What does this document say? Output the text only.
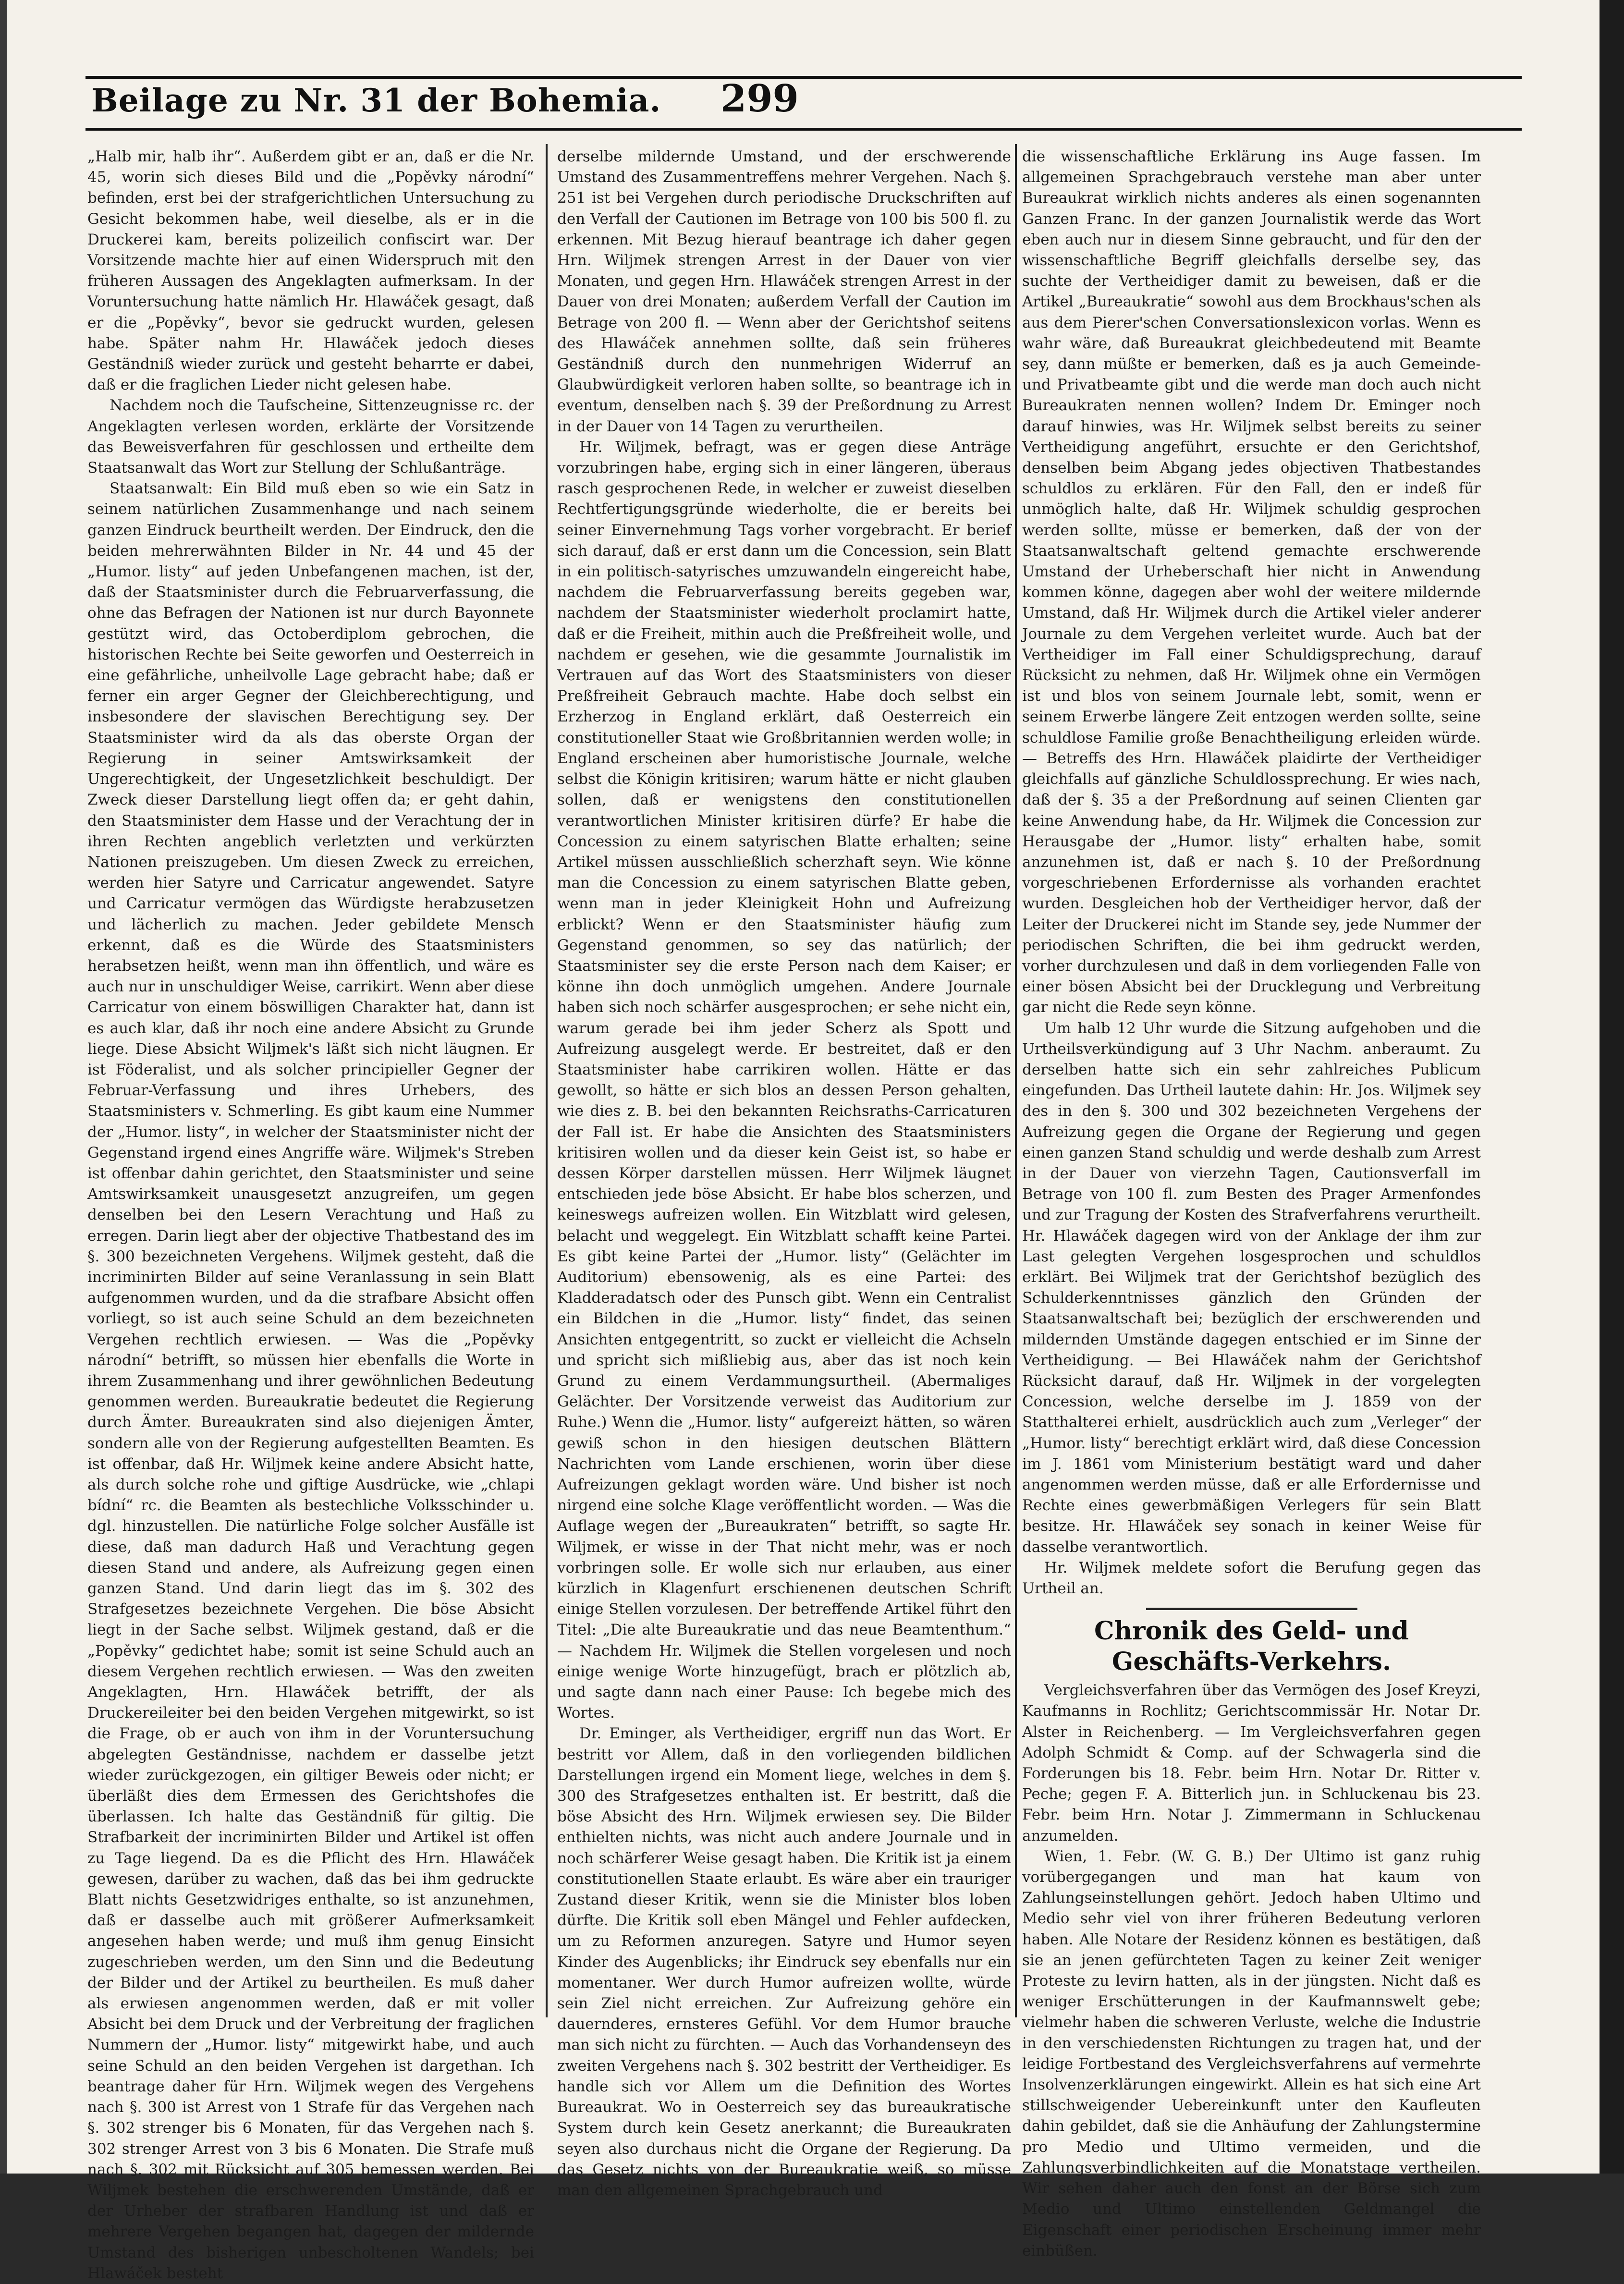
Beilage zu Nr. 31 der Bohemia. 299

„Halb mir, halb ihr“. Außerdem gibt er an, daß er die Nr. 45, worin sich dieses Bild und die „Popěvky národní“ befinden, erst bei der strafgerichtlichen Untersuchung zu Gesicht bekommen habe, weil dieselbe, als er in die Druckerei kam, bereits polizeilich confiscirt war. Der Vorsitzende machte hier auf einen Widerspruch mit den früheren Aussagen des Angeklagten aufmerksam. In der Voruntersuchung hatte nämlich Hr. Hlawáček gesagt, daß er die „Popěvky“, bevor sie gedruckt wurden, gelesen habe. Später nahm Hr. Hlawáček jedoch dieses Geständniß wieder zurück und gesteht beharrte er dabei, daß er die fraglichen Lieder nicht gelesen habe.

Nachdem noch die Taufscheine, Sittenzeugnisse rc. der Angeklagten verlesen worden, erklärte der Vorsitzende das Beweisverfahren für geschlossen und ertheilte dem Staatsanwalt das Wort zur Stellung der Schlußanträge.

Staatsanwalt: Ein Bild muß eben so wie ein Satz in seinem natürlichen Zusammenhange und nach seinem ganzen Eindruck beurtheilt werden. Der Eindruck, den die beiden mehrerwähnten Bilder in Nr. 44 und 45 der „Humor. listy“ auf jeden Unbefangenen machen, ist der, daß der Staatsminister durch die Februarverfassung, die ohne das Befragen der Nationen ist nur durch Bayonnete gestützt wird, das Octoberdiplom gebrochen, die historischen Rechte bei Seite geworfen und Oesterreich in eine gefährliche, unheilvolle Lage gebracht habe; daß er ferner ein arger Gegner der Gleichberechtigung, und insbesondere der slavischen Berechtigung sey. Der Staatsminister wird da als das oberste Organ der Regierung in seiner Amtswirksamkeit der Ungerechtigkeit, der Ungesetzlichkeit beschuldigt. Der Zweck dieser Darstellung liegt offen da; er geht dahin, den Staatsminister dem Hasse und der Verachtung der in ihren Rechten angeblich verletzten und verkürzten Nationen preiszugeben. Um diesen Zweck zu erreichen, werden hier Satyre und Carricatur angewendet. Satyre und Carricatur vermögen das Würdigste herabzusetzen und lächerlich zu machen. Jeder gebildete Mensch erkennt, daß es die Würde des Staatsministers herabsetzen heißt, wenn man ihn öffentlich, und wäre es auch nur in unschuldiger Weise, carrikirt. Wenn aber diese Carricatur von einem böswilligen Charakter hat, dann ist es auch klar, daß ihr noch eine andere Absicht zu Grunde liege. Diese Absicht Wiljmek's läßt sich nicht läugnen. Er ist Föderalist, und als solcher principieller Gegner der Februar-Verfassung und ihres Urhebers, des Staatsministers v. Schmerling. Es gibt kaum eine Nummer der „Humor. listy“, in welcher der Staatsminister nicht der Gegenstand irgend eines Angriffe wäre. Wiljmek's Streben ist offenbar dahin gerichtet, den Staatsminister und seine Amtswirksamkeit unausgesetzt anzugreifen, um gegen denselben bei den Lesern Verachtung und Haß zu erregen. Darin liegt aber der objective Thatbestand des im §. 300 bezeichneten Vergehens. Wiljmek gesteht, daß die incriminirten Bilder auf seine Veranlassung in sein Blatt aufgenommen wurden, und da die strafbare Absicht offen vorliegt, so ist auch seine Schuld an dem bezeichneten Vergehen rechtlich erwiesen. — Was die „Popěvky národní“ betrifft, so müssen hier ebenfalls die Worte in ihrem Zusammenhang und ihrer gewöhnlichen Bedeutung genommen werden. Bureaukratie bedeutet die Regierung durch Ämter. Bureaukraten sind also diejenigen Ämter, sondern alle von der Regierung aufgestellten Beamten. Es ist offenbar, daß Hr. Wiljmek keine andere Absicht hatte, als durch solche rohe und giftige Ausdrücke, wie „chlapi bídní“ rc. die Beamten als bestechliche Volksschinder u. dgl. hinzustellen. Die natürliche Folge solcher Ausfälle ist diese, daß man dadurch Haß und Verachtung gegen diesen Stand und andere, als Aufreizung gegen einen ganzen Stand. Und darin liegt das im §. 302 des Strafgesetzes bezeichnete Vergehen. Die böse Absicht liegt in der Sache selbst. Wiljmek gestand, daß er die „Popěvky“ gedichtet habe; somit ist seine Schuld auch an diesem Vergehen rechtlich erwiesen. — Was den zweiten Angeklagten, Hrn. Hlawáček betrifft, der als Druckereileiter bei den beiden Vergehen mitgewirkt, so ist die Frage, ob er auch von ihm in der Voruntersuchung abgelegten Geständnisse, nachdem er dasselbe jetzt wieder zurückgezogen, ein giltiger Beweis oder nicht; er überläßt dies dem Ermessen des Gerichtshofes die überlassen. Ich halte das Geständniß für giltig. Die Strafbarkeit der incriminirten Bilder und Artikel ist offen zu Tage liegend. Da es die Pflicht des Hrn. Hlawáček gewesen, darüber zu wachen, daß das bei ihm gedruckte Blatt nichts Gesetzwidriges enthalte, so ist anzunehmen, daß er dasselbe auch mit größerer Aufmerksamkeit angesehen haben werde; und muß ihm genug Einsicht zugeschrieben werden, um den Sinn und die Bedeutung der Bilder und der Artikel zu beurtheilen. Es muß daher als erwiesen angenommen werden, daß er mit voller Absicht bei dem Druck und der Verbreitung der fraglichen Nummern der „Humor. listy“ mitgewirkt habe, und auch seine Schuld an den beiden Vergehen ist dargethan. Ich beantrage daher für Hrn. Wiljmek wegen des Vergehens nach §. 300 ist Arrest von 1 Strafe für das Vergehen nach §. 302 strenger bis 6 Monaten, für das Vergehen nach §. 302 strenger Arrest von 3 bis 6 Monaten. Die Strafe muß nach §. 302 mit Rücksicht auf 305 bemessen werden. Bei Wiljmek bestehen die erschwerenden Umstände, daß er der Urheber der strafbaren Handlung ist und daß er mehrere Vergehen begangen hat, dagegen der mildernde Umstand des bisherigen unbescholtenen Wandels; bei Hlawáček besteht

derselbe mildernde Umstand, und der erschwerende Umstand des Zusammentreffens mehrer Vergehen. Nach §. 251 ist bei Vergehen durch periodische Druckschriften auf den Verfall der Cautionen im Betrage von 100 bis 500 fl. zu erkennen. Mit Bezug hierauf beantrage ich daher gegen Hrn. Wiljmek strengen Arrest in der Dauer von vier Monaten, und gegen Hrn. Hlawáček strengen Arrest in der Dauer von drei Monaten; außerdem Verfall der Caution im Betrage von 200 fl. — Wenn aber der Gerichtshof seitens des Hlawáček annehmen sollte, daß sein früheres Geständniß durch den nunmehrigen Widerruf an Glaubwürdigkeit verloren haben sollte, so beantrage ich in eventum, denselben nach §. 39 der Preßordnung zu Arrest in der Dauer von 14 Tagen zu verurtheilen.

Hr. Wiljmek, befragt, was er gegen diese Anträge vorzubringen habe, erging sich in einer längeren, überaus rasch gesprochenen Rede, in welcher er zuweist dieselben Rechtfertigungsgründe wiederholte, die er bereits bei seiner Einvernehmung Tags vorher vorgebracht. Er berief sich darauf, daß er erst dann um die Concession, sein Blatt in ein politisch-satyrisches umzuwandeln eingereicht habe, nachdem die Februarverfassung bereits gegeben war, nachdem der Staatsminister wiederholt proclamirt hatte, daß er die Freiheit, mithin auch die Preßfreiheit wolle, und nachdem er gesehen, wie die gesammte Journalistik im Vertrauen auf das Wort des Staatsministers von dieser Preßfreiheit Gebrauch machte. Habe doch selbst ein Erzherzog in England erklärt, daß Oesterreich ein constitutioneller Staat wie Großbritannien werden wolle; in England erscheinen aber humoristische Journale, welche selbst die Königin kritisiren; warum hätte er nicht glauben sollen, daß er wenigstens den constitutionellen verantwortlichen Minister kritisiren dürfe? Er habe die Concession zu einem satyrischen Blatte erhalten; seine Artikel müssen ausschließlich scherzhaft seyn. Wie könne man die Concession zu einem satyrischen Blatte geben, wenn man in jeder Kleinigkeit Hohn und Aufreizung erblickt? Wenn er den Staatsminister häufig zum Gegenstand genommen, so sey das natürlich; der Staatsminister sey die erste Person nach dem Kaiser; er könne ihn doch unmöglich umgehen. Andere Journale haben sich noch schärfer ausgesprochen; er sehe nicht ein, warum gerade bei ihm jeder Scherz als Spott und Aufreizung ausgelegt werde. Er bestreitet, daß er den Staatsminister habe carrikiren wollen. Hätte er das gewollt, so hätte er sich blos an dessen Person gehalten, wie dies z. B. bei den bekannten Reichsraths-Carricaturen der Fall ist. Er habe die Ansichten des Staatsministers kritisiren wollen und da dieser kein Geist ist, so habe er dessen Körper darstellen müssen. Herr Wiljmek läugnet entschieden jede böse Absicht. Er habe blos scherzen, und keineswegs aufreizen wollen. Ein Witzblatt wird gelesen, belacht und weggelegt. Ein Witzblatt schafft keine Partei. Es gibt keine Partei der „Humor. listy“ (Gelächter im Auditorium) ebensowenig, als es eine Partei: des Kladderadatsch oder des Punsch gibt. Wenn ein Centralist ein Bildchen in die „Humor. listy“ findet, das seinen Ansichten entgegentritt, so zuckt er vielleicht die Achseln und spricht sich mißliebig aus, aber das ist noch kein Grund zu einem Verdammungsurtheil. (Abermaliges Gelächter. Der Vorsitzende verweist das Auditorium zur Ruhe.) Wenn die „Humor. listy“ aufgereizt hätten, so wären gewiß schon in den hiesigen deutschen Blättern Nachrichten vom Lande erschienen, worin über diese Aufreizungen geklagt worden wäre. Und bisher ist noch nirgend eine solche Klage veröffentlicht worden. — Was die Auflage wegen der „Bureaukraten“ betrifft, so sagte Hr. Wiljmek, er wisse in der That nicht mehr, was er noch vorbringen solle. Er wolle sich nur erlauben, aus einer kürzlich in Klagenfurt erschienenen deutschen Schrift einige Stellen vorzulesen. Der betreffende Artikel führt den Titel: „Die alte Bureaukratie und das neue Beamtenthum.“ — Nachdem Hr. Wiljmek die Stellen vorgelesen und noch einige wenige Worte hinzugefügt, brach er plötzlich ab, und sagte dann nach einer Pause: Ich begebe mich des Wortes.

Dr. Eminger, als Vertheidiger, ergriff nun das Wort. Er bestritt vor Allem, daß in den vorliegenden bildlichen Darstellungen irgend ein Moment liege, welches in dem §. 300 des Strafgesetzes enthalten ist. Er bestritt, daß die böse Absicht des Hrn. Wiljmek erwiesen sey. Die Bilder enthielten nichts, was nicht auch andere Journale und in noch schärferer Weise gesagt haben. Die Kritik ist ja einem constitutionellen Staate erlaubt. Es wäre aber ein trauriger Zustand dieser Kritik, wenn sie die Minister blos loben dürfte. Die Kritik soll eben Mängel und Fehler aufdecken, um zu Reformen anzuregen. Satyre und Humor seyen Kinder des Augenblicks; ihr Eindruck sey ebenfalls nur ein momentaner. Wer durch Humor aufreizen wollte, würde sein Ziel nicht erreichen. Zur Aufreizung gehöre ein dauernderes, ernsteres Gefühl. Vor dem Humor brauche man sich nicht zu fürchten. — Auch das Vorhandenseyn des zweiten Vergehens nach §. 302 bestritt der Vertheidiger. Es handle sich vor Allem um die Definition des Wortes Bureaukrat. Wo in Oesterreich sey das bureaukratische System durch kein Gesetz anerkannt; die Bureaukraten seyen also durchaus nicht die Organe der Regierung. Da das Gesetz nichts von der Bureaukratie weiß, so müsse man den allgemeinen Sprachgebrauch und

die wissenschaftliche Erklärung ins Auge fassen. Im allgemeinen Sprachgebrauch verstehe man aber unter Bureaukrat wirklich nichts anderes als einen sogenannten Ganzen Franc. In der ganzen Journalistik werde das Wort eben auch nur in diesem Sinne gebraucht, und für den der wissenschaftliche Begriff gleichfalls derselbe sey, das suchte der Vertheidiger damit zu beweisen, daß er die Artikel „Bureaukratie“ sowohl aus dem Brockhaus'schen als aus dem Pierer'schen Conversationslexicon vorlas. Wenn es wahr wäre, daß Bureaukrat gleichbedeutend mit Beamte sey, dann müßte er bemerken, daß es ja auch Gemeinde- und Privatbeamte gibt und die werde man doch auch nicht Bureaukraten nennen wollen? Indem Dr. Eminger noch darauf hinwies, was Hr. Wiljmek selbst bereits zu seiner Vertheidigung angeführt, ersuchte er den Gerichtshof, denselben beim Abgang jedes objectiven Thatbestandes schuldlos zu erklären. Für den Fall, den er indeß für unmöglich halte, daß Hr. Wiljmek schuldig gesprochen werden sollte, müsse er bemerken, daß der von der Staatsanwaltschaft geltend gemachte erschwerende Umstand der Urheberschaft hier nicht in Anwendung kommen könne, dagegen aber wohl der weitere mildernde Umstand, daß Hr. Wiljmek durch die Artikel vieler anderer Journale zu dem Vergehen verleitet wurde. Auch bat der Vertheidiger im Fall einer Schuldigsprechung, darauf Rücksicht zu nehmen, daß Hr. Wiljmek ohne ein Vermögen ist und blos von seinem Journale lebt, somit, wenn er seinem Erwerbe längere Zeit entzogen werden sollte, seine schuldlose Familie große Benachtheiligung erleiden würde. — Betreffs des Hrn. Hlawáček plaidirte der Vertheidiger gleichfalls auf gänzliche Schuldlossprechung. Er wies nach, daß der §. 35 a der Preßordnung auf seinen Clienten gar keine Anwendung habe, da Hr. Wiljmek die Concession zur Herausgabe der „Humor. listy“ erhalten habe, somit anzunehmen ist, daß er nach §. 10 der Preßordnung vorgeschriebenen Erfordernisse als vorhanden erachtet wurden. Desgleichen hob der Vertheidiger hervor, daß der Leiter der Druckerei nicht im Stande sey, jede Nummer der periodischen Schriften, die bei ihm gedruckt werden, vorher durchzulesen und daß in dem vorliegenden Falle von einer bösen Absicht bei der Drucklegung und Verbreitung gar nicht die Rede seyn könne.

Um halb 12 Uhr wurde die Sitzung aufgehoben und die Urtheilsverkündigung auf 3 Uhr Nachm. anberaumt. Zu derselben hatte sich ein sehr zahlreiches Publicum eingefunden. Das Urtheil lautete dahin: Hr. Jos. Wiljmek sey des in den §. 300 und 302 bezeichneten Vergehens der Aufreizung gegen die Organe der Regierung und gegen einen ganzen Stand schuldig und werde deshalb zum Arrest in der Dauer von vierzehn Tagen, Cautionsverfall im Betrage von 100 fl. zum Besten des Prager Armenfondes und zur Tragung der Kosten des Strafverfahrens verurtheilt. Hr. Hlawáček dagegen wird von der Anklage der ihm zur Last gelegten Vergehen losgesprochen und schuldlos erklärt. Bei Wiljmek trat der Gerichtshof bezüglich des Schulderkenntnisses gänzlich den Gründen der Staatsanwaltschaft bei; bezüglich der erschwerenden und mildernden Umstände dagegen entschied er im Sinne der Vertheidigung. — Bei Hlawáček nahm der Gerichtshof Rücksicht darauf, daß Hr. Wiljmek in der vorgelegten Concession, welche derselbe im J. 1859 von der Statthalterei erhielt, ausdrücklich auch zum „Verleger“ der „Humor. listy“ berechtigt erklärt wird, daß diese Concession im J. 1861 vom Ministerium bestätigt ward und daher angenommen werden müsse, daß er alle Erfordernisse und Rechte eines gewerbmäßigen Verlegers für sein Blatt besitze. Hr. Hlawáček sey sonach in keiner Weise für dasselbe verantwortlich.

Hr. Wiljmek meldete sofort die Berufung gegen das Urtheil an.

Chronik des Geld- und Geschäfts-Verkehrs.

Vergleichsverfahren über das Vermögen des Josef Kreyzi, Kaufmanns in Rochlitz; Gerichtscommissär Hr. Notar Dr. Alster in Reichenberg. — Im Vergleichsverfahren gegen Adolph Schmidt & Comp. auf der Schwagerla sind die Forderungen bis 18. Febr. beim Hrn. Notar Dr. Ritter v. Peche; gegen F. A. Bitterlich jun. in Schluckenau bis 23. Febr. beim Hrn. Notar J. Zimmermann in Schluckenau anzumelden.

Wien, 1. Febr. (W. G. B.) Der Ultimo ist ganz ruhig vorübergegangen und man hat kaum von Zahlungseinstellungen gehört. Jedoch haben Ultimo und Medio sehr viel von ihrer früheren Bedeutung verloren haben. Alle Notare der Residenz können es bestätigen, daß sie an jenen gefürchteten Tagen zu keiner Zeit weniger Proteste zu levirn hatten, als in der jüngsten. Nicht daß es weniger Erschütterungen in der Kaufmannswelt gebe; vielmehr haben die schweren Verluste, welche die Industrie in den verschiedensten Richtungen zu tragen hat, und der leidige Fortbestand des Vergleichsverfahrens auf vermehrte Insolvenzerklärungen eingewirkt. Allein es hat sich eine Art stillschweigender Uebereinkunft unter den Kaufleuten dahin gebildet, daß sie die Anhäufung der Zahlungstermine pro Medio und Ultimo vermeiden, und die Zahlungsverbindlichkeiten auf die Monatstage vertheilen. Wir sehen daher auch den fonst an der Börse sich zum Medio und Ultimo einstellenden Geldmangel die Eigenschaft einer periodischen Erscheinung immer mehr einbüßen.
